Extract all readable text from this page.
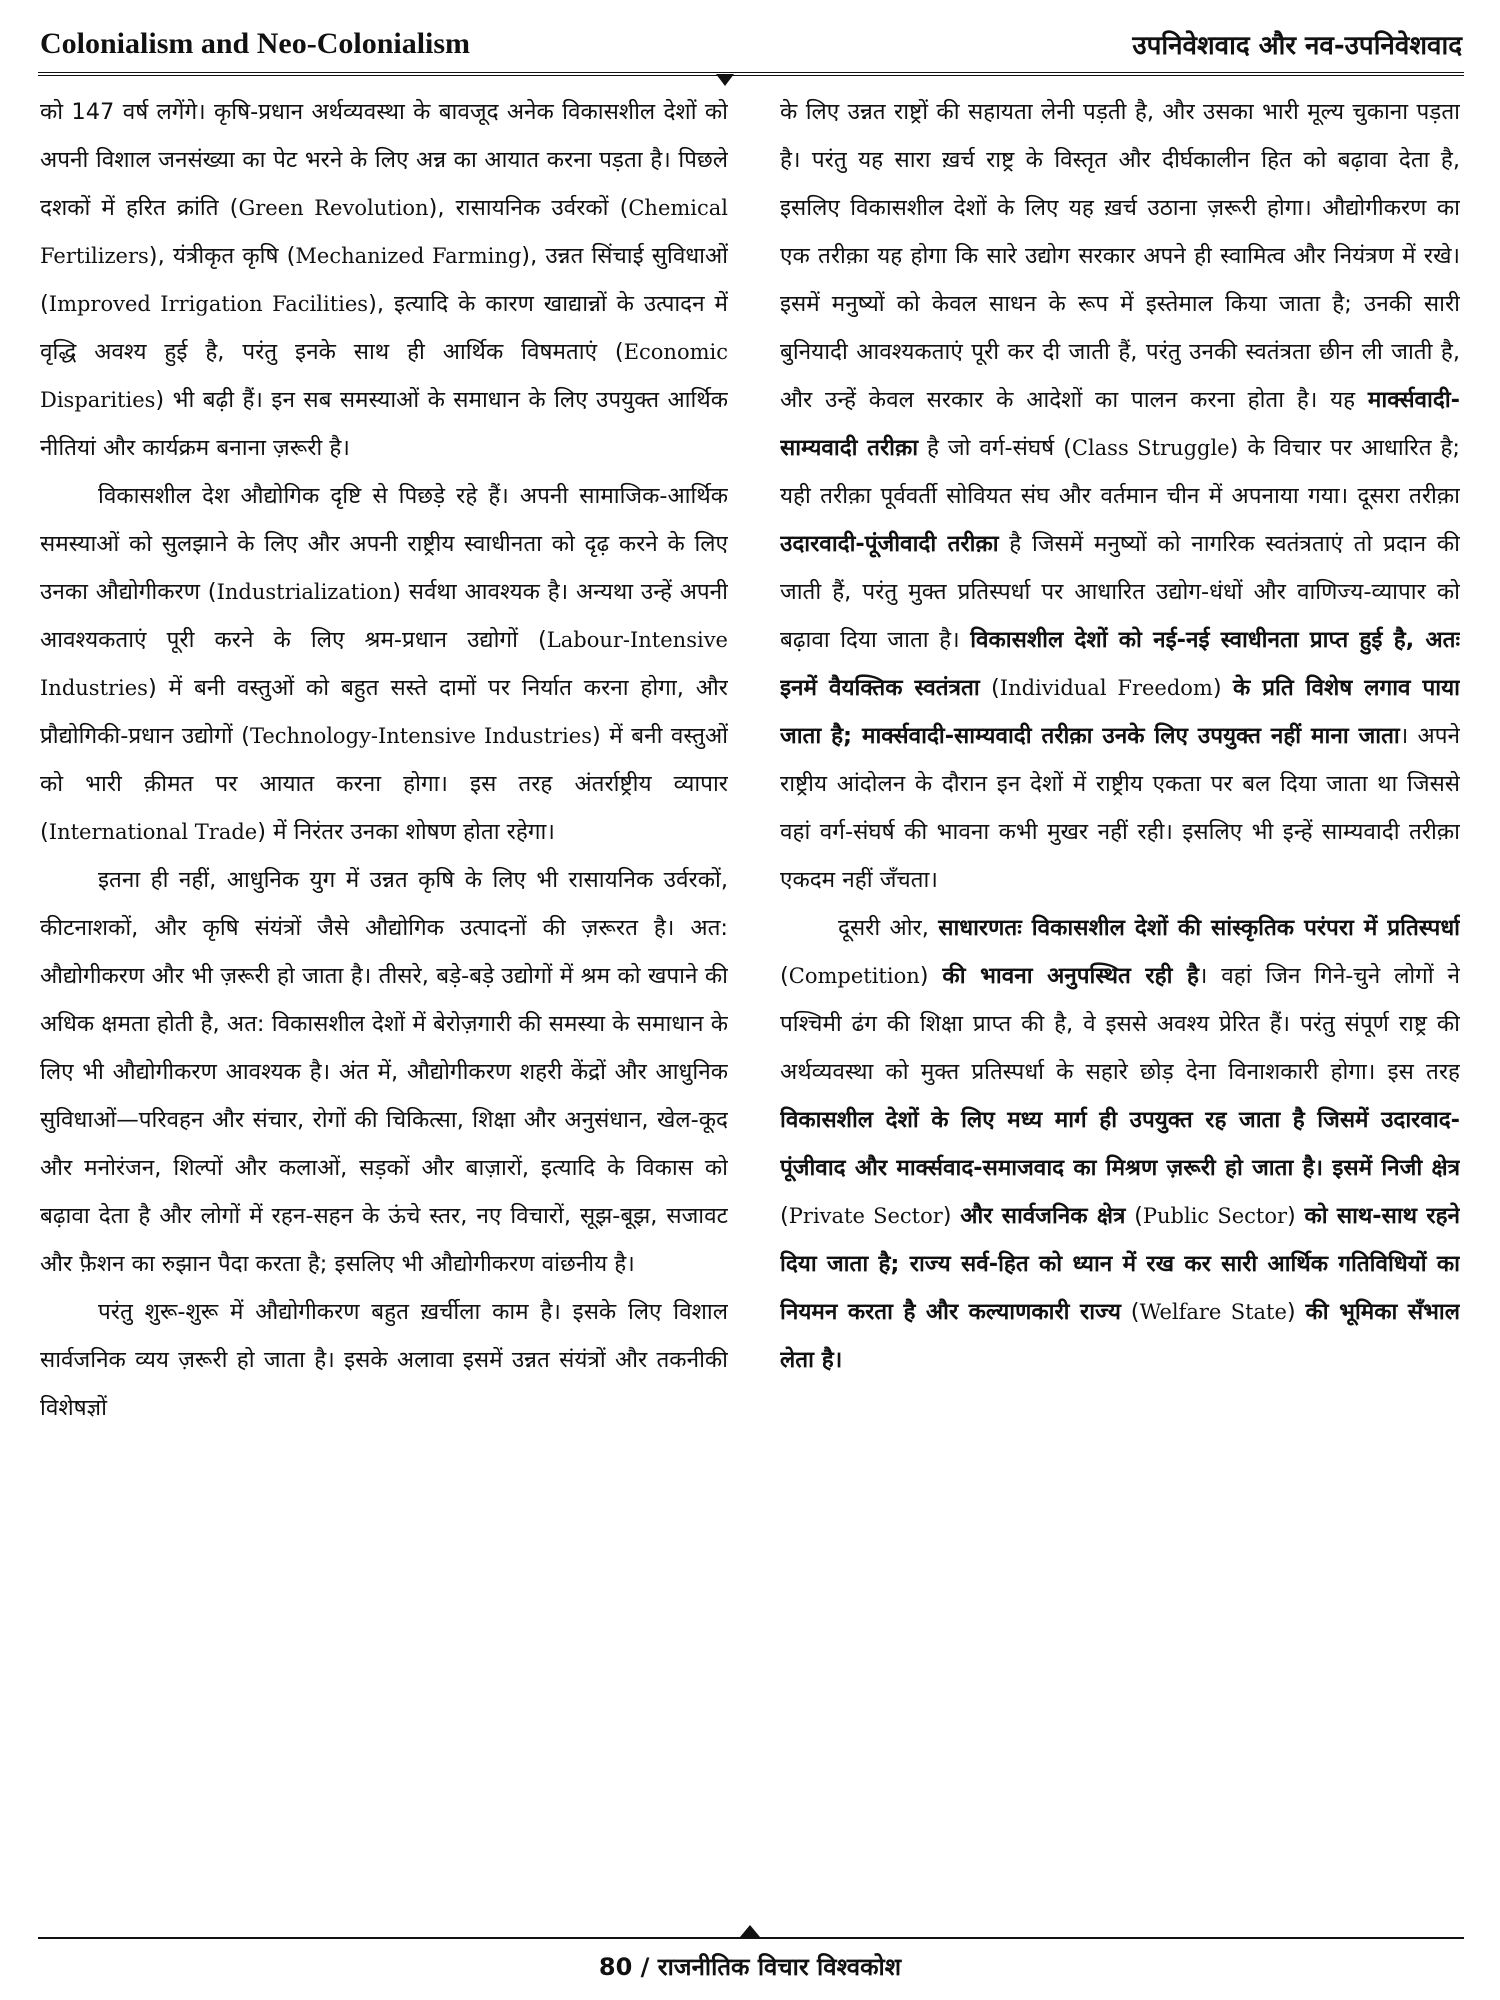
Colonialism and Neo-Colonialism	उपनिवेशवाद और नव-उपनिवेशवाद

को 147 वर्ष लगेंगे। कृषि-प्रधान अर्थव्यवस्था के बावजूद अनेक विकासशील देशों को अपनी विशाल जनसंख्या का पेट भरने के लिए अन्न का आयात करना पड़ता है। पिछले दशकों में हरित क्रांति (Green Revolution), रासायनिक उर्वरकों (Chemical Fertilizers), यंत्रीकृत कृषि (Mechanized Farming), उन्नत सिंचाई सुविधाओं (Improved Irrigation Facilities), इत्यादि के कारण खाद्यान्नों के उत्पादन में वृद्धि अवश्य हुई है, परंतु इनके साथ ही आर्थिक विषमताएं (Economic Disparities) भी बढ़ी हैं। इन सब समस्याओं के समाधान के लिए उपयुक्त आर्थिक नीतियां और कार्यक्रम बनाना ज़रूरी है।

विकासशील देश औद्योगिक दृष्टि से पिछड़े रहे हैं। अपनी सामाजिक-आर्थिक समस्याओं को सुलझाने के लिए और अपनी राष्ट्रीय स्वाधीनता को दृढ़ करने के लिए उनका औद्योगीकरण (Industrialization) सर्वथा आवश्यक है। अन्यथा उन्हें अपनी आवश्यकताएं पूरी करने के लिए श्रम-प्रधान उद्योगों (Labour-Intensive Industries) में बनी वस्तुओं को बहुत सस्ते दामों पर निर्यात करना होगा, और प्रौद्योगिकी-प्रधान उद्योगों (Technology-Intensive Industries) में बनी वस्तुओं को भारी क़ीमत पर आयात करना होगा। इस तरह अंतर्राष्ट्रीय व्यापार (International Trade) में निरंतर उनका शोषण होता रहेगा।

इतना ही नहीं, आधुनिक युग में उन्नत कृषि के लिए भी रासायनिक उर्वरकों, कीटनाशकों, और कृषि संयंत्रों जैसे औद्योगिक उत्पादनों की ज़रूरत है। अत: औद्योगीकरण और भी ज़रूरी हो जाता है। तीसरे, बड़े-बड़े उद्योगों में श्रम को खपाने की अधिक क्षमता होती है, अत: विकासशील देशों में बेरोज़गारी की समस्या के समाधान के लिए भी औद्योगीकरण आवश्यक है। अंत में, औद्योगीकरण शहरी केंद्रों और आधुनिक सुविधाओं—परिवहन और संचार, रोगों की चिकित्सा, शिक्षा और अनुसंधान, खेल-कूद और मनोरंजन, शिल्पों और कलाओं, सड़कों और बाज़ारों, इत्यादि के विकास को बढ़ावा देता है और लोगों में रहन-सहन के ऊंचे स्तर, नए विचारों, सूझ-बूझ, सजावट और फ़ैशन का रुझान पैदा करता है; इसलिए भी औद्योगीकरण वांछनीय है।

परंतु शुरू-शुरू में औद्योगीकरण बहुत ख़र्चीला काम है। इसके लिए विशाल सार्वजनिक व्यय ज़रूरी हो जाता है। इसके अलावा इसमें उन्नत संयंत्रों और तकनीकी विशेषज्ञों

के लिए उन्नत राष्ट्रों की सहायता लेनी पड़ती है, और उसका भारी मूल्य चुकाना पड़ता है। परंतु यह सारा ख़र्च राष्ट्र के विस्तृत और दीर्घकालीन हित को बढ़ावा देता है, इसलिए विकासशील देशों के लिए यह ख़र्च उठाना ज़रूरी होगा। औद्योगीकरण का एक तरीक़ा यह होगा कि सारे उद्योग सरकार अपने ही स्वामित्व और नियंत्रण में रखे। इसमें मनुष्यों को केवल साधन के रूप में इस्तेमाल किया जाता है; उनकी सारी बुनियादी आवश्यकताएं पूरी कर दी जाती हैं, परंतु उनकी स्वतंत्रता छीन ली जाती है, और उन्हें केवल सरकार के आदेशों का पालन करना होता है। यह मार्क्सवादी-साम्यवादी तरीक़ा है जो वर्ग-संघर्ष (Class Struggle) के विचार पर आधारित है; यही तरीक़ा पूर्ववर्ती सोवियत संघ और वर्तमान चीन में अपनाया गया। दूसरा तरीक़ा उदारवादी-पूंजीवादी तरीक़ा है जिसमें मनुष्यों को नागरिक स्वतंत्रताएं तो प्रदान की जाती हैं, परंतु मुक्त प्रतिस्पर्धा पर आधारित उद्योग-धंधों और वाणिज्य-व्यापार को बढ़ावा दिया जाता है। विकासशील देशों को नई-नई स्वाधीनता प्राप्त हुई है, अतः इनमें वैयक्तिक स्वतंत्रता (Individual Freedom) के प्रति विशेष लगाव पाया जाता है; मार्क्सवादी-साम्यवादी तरीक़ा उनके लिए उपयुक्त नहीं माना जाता। अपने राष्ट्रीय आंदोलन के दौरान इन देशों में राष्ट्रीय एकता पर बल दिया जाता था जिससे वहां वर्ग-संघर्ष की भावना कभी मुखर नहीं रही। इसलिए भी इन्हें साम्यवादी तरीक़ा एकदम नहीं जँचता।

दूसरी ओर, साधारणतः विकासशील देशों की सांस्कृतिक परंपरा में प्रतिस्पर्धा (Competition) की भावना अनुपस्थित रही है। वहां जिन गिने-चुने लोगों ने पश्चिमी ढंग की शिक्षा प्राप्त की है, वे इससे अवश्य प्रेरित हैं। परंतु संपूर्ण राष्ट्र की अर्थव्यवस्था को मुक्त प्रतिस्पर्धा के सहारे छोड़ देना विनाशकारी होगा। इस तरह विकासशील देशों के लिए मध्य मार्ग ही उपयुक्त रह जाता है जिसमें उदारवाद-पूंजीवाद और मार्क्सवाद-समाजवाद का मिश्रण ज़रूरी हो जाता है। इसमें निजी क्षेत्र (Private Sector) और सार्वजनिक क्षेत्र (Public Sector) को साथ-साथ रहने दिया जाता है; राज्य सर्व-हित को ध्यान में रख कर सारी आर्थिक गतिविधियों का नियमन करता है और कल्याणकारी राज्य (Welfare State) की भूमिका सँभाल लेता है।

80 / राजनीतिक विचार विश्वकोश
